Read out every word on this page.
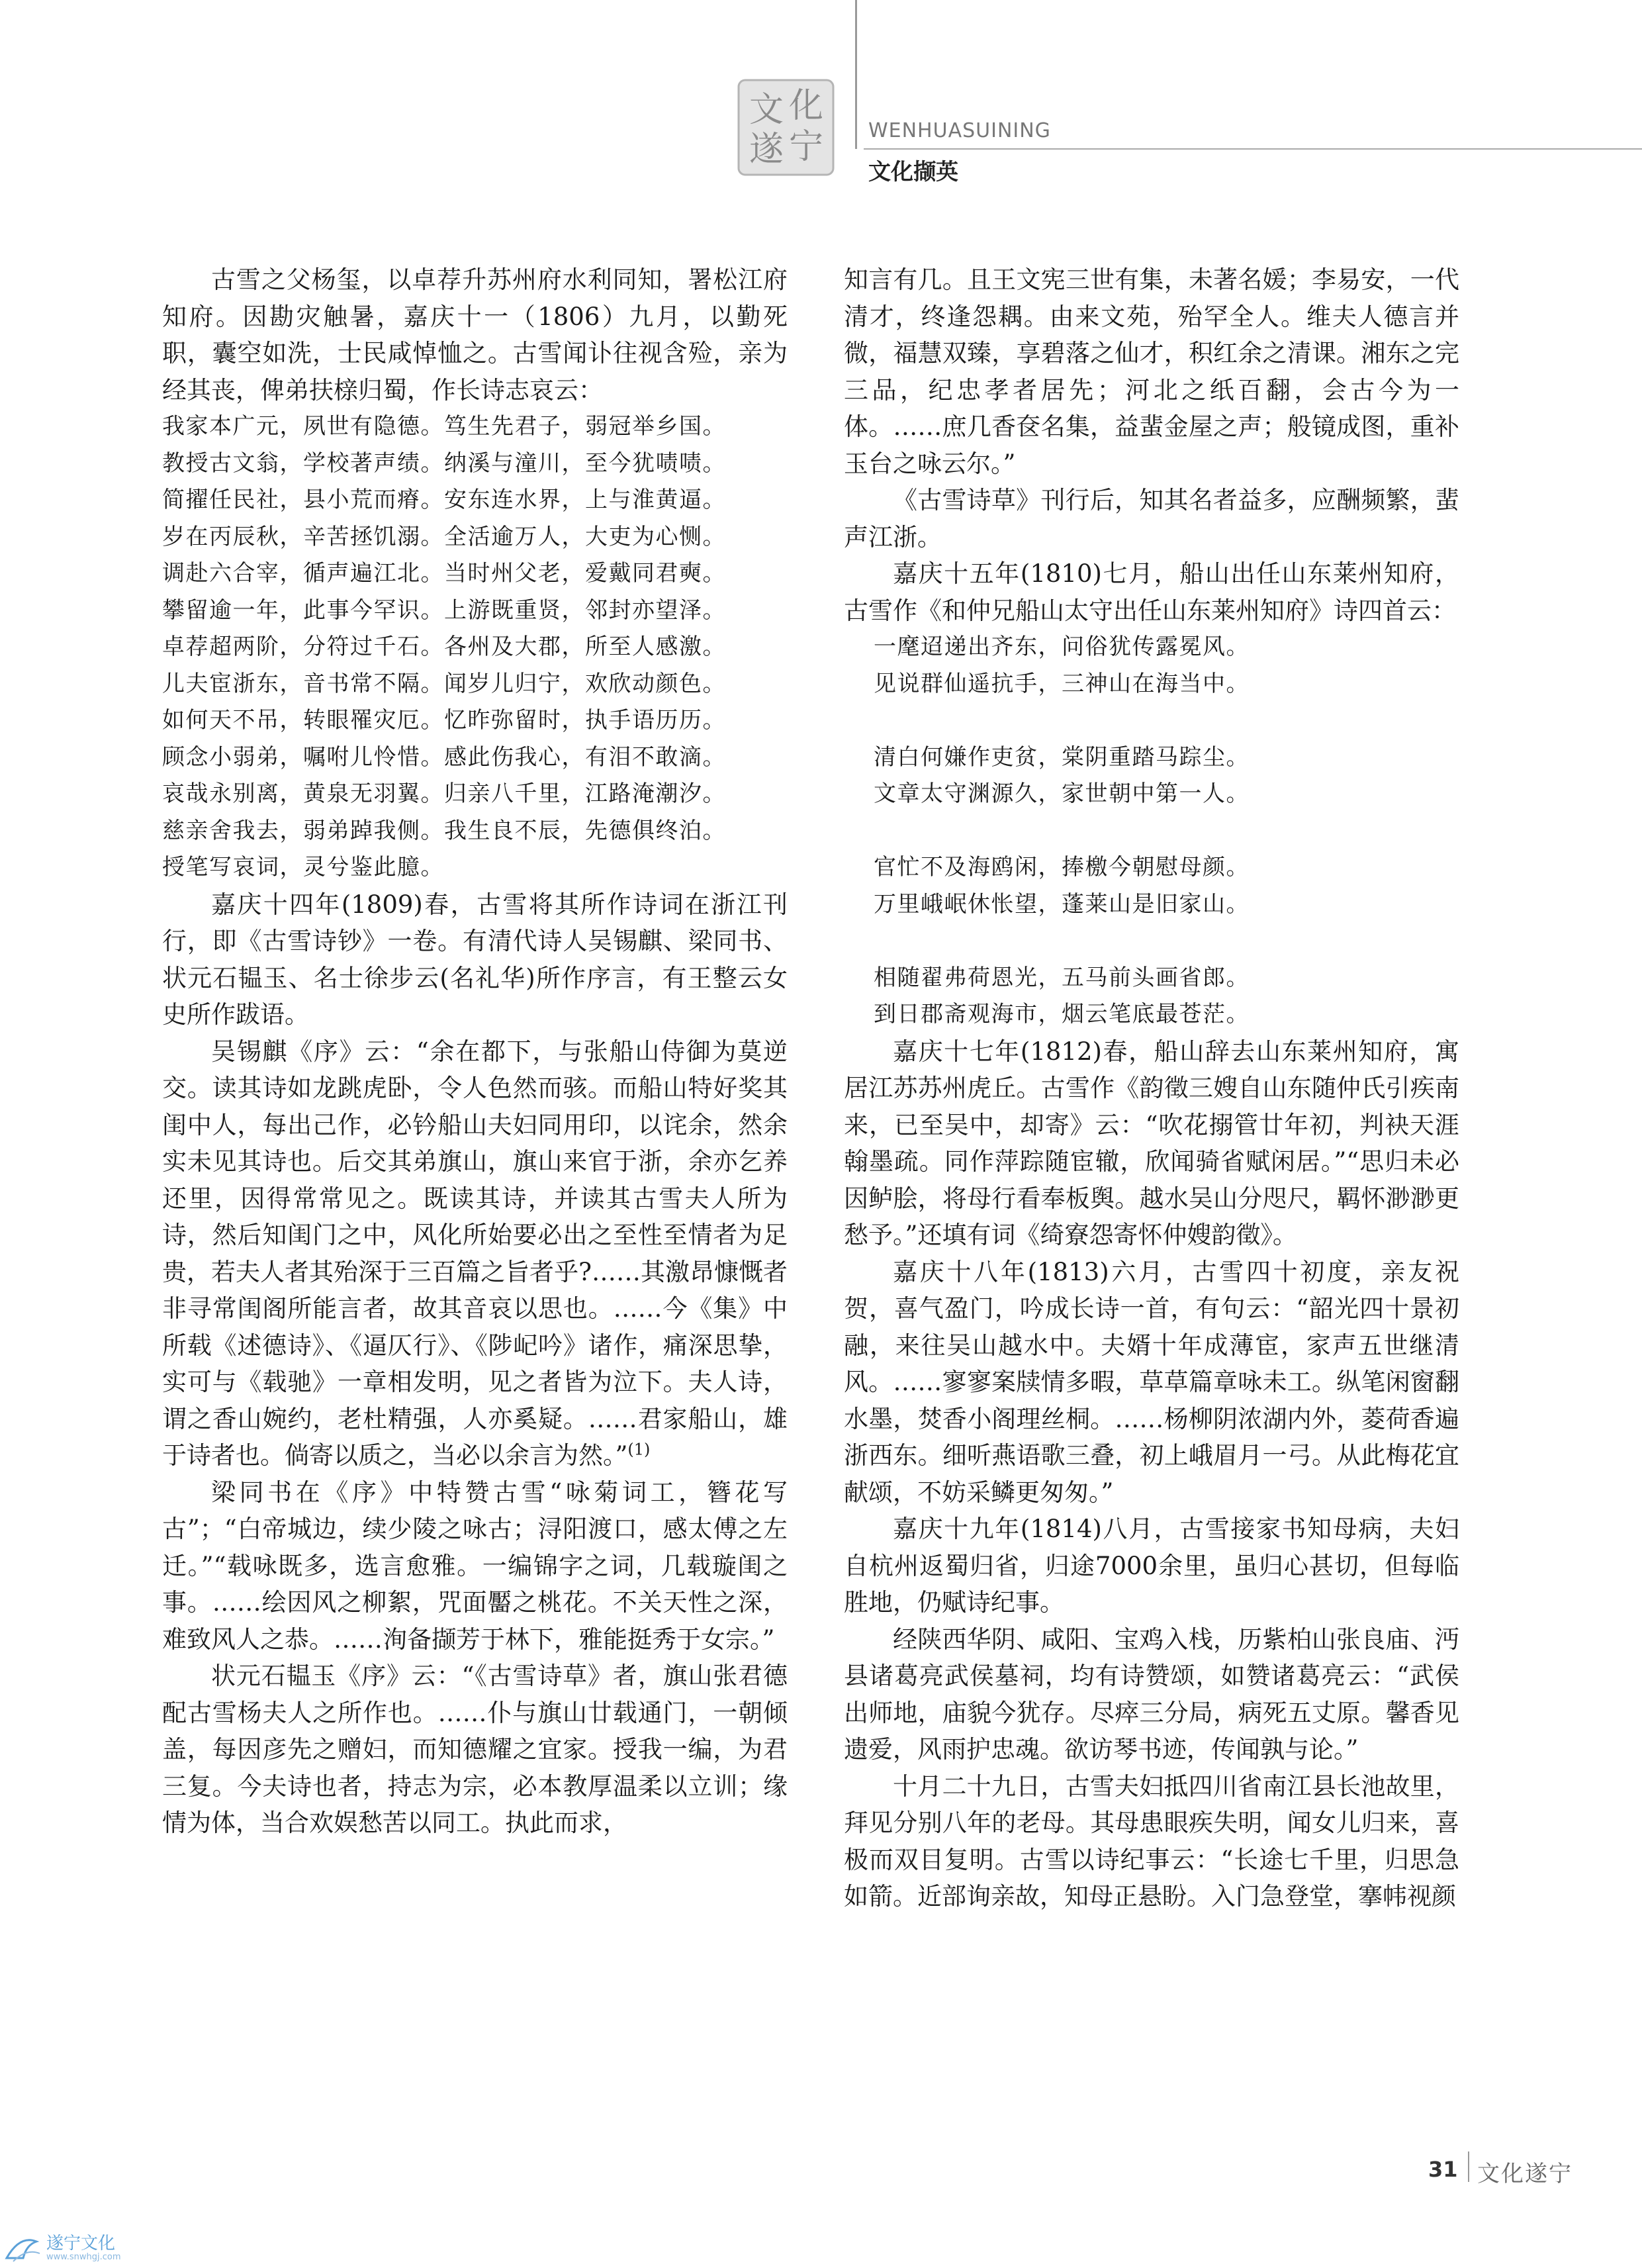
文 化
遂 宁 WENHUASUINING
文化撷英

古雪之父杨玺，以卓荐升苏州府水利同知，署松江府知府。因勘灾触暑，嘉庆十一（1806）九月，以勤死职，囊空如洗，士民咸悼恤之。古雪闻讣往视含殓，亲为经其丧，俾弟扶榇归蜀，作长诗志哀云：

我家本广元，夙世有隐德。笃生先君子，弱冠举乡国。
教授古文翁，学校著声绩。纳溪与潼川，至今犹啧啧。
简擢任民社，县小荒而瘠。安东连水界，上与淮黄逼。
岁在丙辰秋，辛苦拯饥溺。全活逾万人，大吏为心恻。
调赴六合宰，循声遍江北。当时州父老，爱戴同君奭。
攀留逾一年，此事今罕识。上游既重贤，邻封亦望泽。
卓荐超两阶，分符过千石。各州及大郡，所至人感激。
儿夫宦浙东，音书常不隔。闻岁儿归宁，欢欣动颜色。
如何天不吊，转眼罹灾厄。忆昨弥留时，执手语历历。
顾念小弱弟，嘱咐儿怜惜。感此伤我心，有泪不敢滴。
哀哉永别离，黄泉无羽翼。归亲八千里，江路淹潮汐。
慈亲舍我去，弱弟踔我侧。我生良不辰，先德俱终泊。
授笔写哀词，灵兮鉴此臆。

嘉庆十四年(1809)春，古雪将其所作诗词在浙江刊行，即《古雪诗钞》一卷。有清代诗人吴锡麒、梁同书、状元石韫玉、名士徐步云(名礼华)所作序言，有王整云女史所作跋语。

吴锡麒《序》云：“余在都下，与张船山侍御为莫逆交。读其诗如龙跳虎卧，令人色然而骇。而船山特好奖其闺中人，每出己作，必钤船山夫妇同用印，以诧余，然余实未见其诗也。后交其弟旗山，旗山来官于浙，余亦乞养还里，因得常常见之。既读其诗，并读其古雪夫人所为诗，然后知闺门之中，风化所始要必出之至性至情者为足贵，若夫人者其殆深于三百篇之旨者乎?……其激昂慷慨者非寻常闺阁所能言者，故其音哀以思也。……今《集》中所载《述德诗》、《逼仄行》、《陟屺吟》诸作，痛深思挚，实可与《载驰》一章相发明，见之者皆为泣下。夫人诗，谓之香山婉约，老杜精强，人亦奚疑。……君家船山，雄于诗者也。倘寄以质之，当必以余言为然。”$^{(1)}$

梁同书在《序》中特赞古雪“咏菊词工，簪花写古”；“白帝城边，续少陵之咏古；浔阳渡口，感太傅之左迁。”“载咏既多，选言愈雅。一编锦字之词，几载璇闺之事。……绘因风之柳絮，咒面靨之桃花。不关天性之深，难致风人之恭。……洵备撷芳于林下，雅能挺秀于女宗。”

状元石韫玉《序》云：“《古雪诗草》者，旗山张君德配古雪杨夫人之所作也。……仆与旗山廿载通门，一朝倾盖，每因彦先之赠妇，而知德耀之宜家。授我一编，为君三复。今夫诗也者，持志为宗，必本教厚温柔以立训；缘情为体，当合欢娱愁苦以同工。执此而求，

知言有几。且王文宪三世有集，未著名媛；李易安，一代清才，终逢怨耦。由来文苑，殆罕全人。维夫人德言并微，福慧双臻，享碧落之仙才，积红余之清课。湘东之完三品，纪忠孝者居先；河北之纸百翻，会古今为一体。……庶几香奁名集，益蜚金屋之声；般镜成图，重补玉台之咏云尔。”

《古雪诗草》刊行后，知其名者益多，应酬频繁，蜚声江浙。

嘉庆十五年(1810)七月，船山出任山东莱州知府，古雪作《和仲兄船山太守出任山东莱州知府》诗四首云：

一麾迢递出齐东，问俗犹传露冕风。
见说群仙遥抗手，三神山在海当中。
清白何嫌作吏贫，棠阴重踏马踪尘。
文章太守渊源久，家世朝中第一人。
官忙不及海鸥闲，捧檄今朝慰母颜。
万里峨岷休怅望，蓬莱山是旧家山。
相随翟弗荷恩光，五马前头画省郎。
到日郡斋观海市，烟云笔底最苍茫。

嘉庆十七年(1812)春，船山辞去山东莱州知府，寓居江苏苏州虎丘。古雪作《韵徵三嫂自山东随仲氏引疾南来，已至吴中，却寄》云：“吹花搦管廿年初，判袂天涯翰墨疏。同作萍踪随宦辙，欣闻骑省赋闲居。”“思归未必因鲈脍，将母行看奉板舆。越水吴山分咫尺，羁怀渺渺更愁予。”还填有词《绮寮怨寄怀仲嫂韵徵》。

嘉庆十八年(1813)六月，古雪四十初度，亲友祝贺，喜气盈门，吟成长诗一首，有句云：“韶光四十景初融，来往吴山越水中。夫婿十年成薄宦，家声五世继清风。……寥寥案牍情多暇，草草篇章咏未工。纵笔闲窗翻水墨，焚香小阁理丝桐。……杨柳阴浓湖内外，菱荷香遍浙西东。细听燕语歌三叠，初上峨眉月一弓。从此梅花宜献颂，不妨采鳞更匆匆。”

嘉庆十九年(1814)八月，古雪接家书知母病，夫妇自杭州返蜀归省，归途7000余里，虽归心甚切，但每临胜地，仍赋诗纪事。

经陕西华阴、咸阳、宝鸡入栈，历紫柏山张良庙、沔县诸葛亮武侯墓祠，均有诗赞颂，如赞诸葛亮云：“武侯出师地，庙貌今犹存。尽瘁三分局，病死五丈原。馨香见遗爱，风雨护忠魂。欲访琴书迹，传闻孰与论。”

十月二十九日，古雪夫妇抵四川省南江县长池故里，拜见分别八年的老母。其母患眼疾失明，闻女儿归来，喜极而双目复明。古雪以诗纪事云：“长途七千里，归思急如箭。近部询亲故，知母正悬盼。入门急登堂，搴帏视颜

31 文化遂宁
遂宁文化
www.snwhgj.com
